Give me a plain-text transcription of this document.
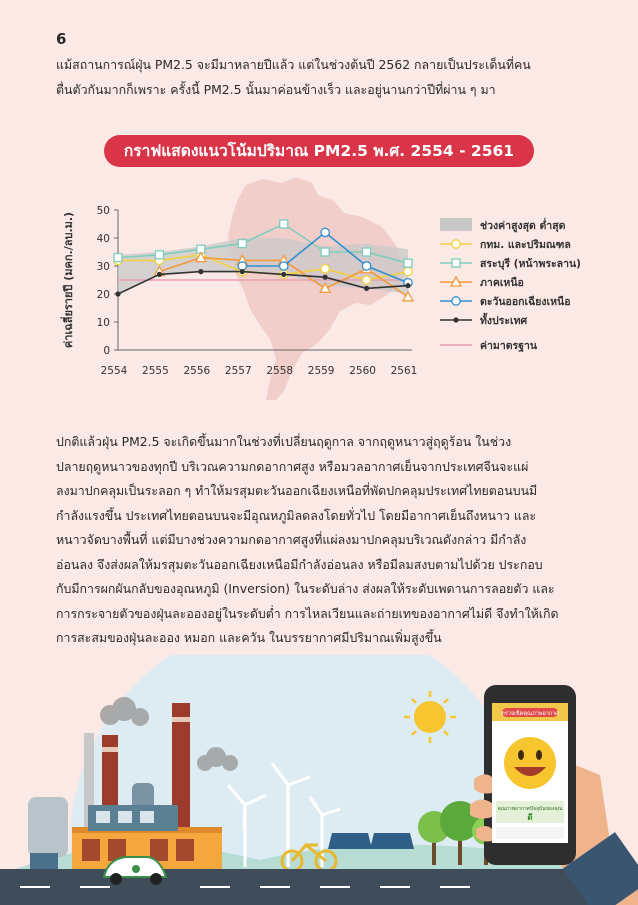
6

แม้สถานการณ์ฝุ่น PM2.5 จะมีมาหลายปีแล้ว แต่ในช่วงต้นปี 2562 กลายเป็นประเด็นที่คน

ตื่นตัวกันมากก็เพราะ ครั้งนี้ PM2.5 นั้นมาค่อนข้างเร็ว และอยู่นานกว่าปีที่ผ่าน ๆ มา

กราฟแสดงแนวโน้มปริมาณ PM2.5 พ.ศ. 2554 - 2561
0
10
20
30
40
50
2554 2555 2556 2557 2558 2559 2560 2561
ค่าเฉลี่ยรายปี (มคก./ลบ.ม.)	ช่วงค่าสูงสุด ต่ำสุด
กทม. และปริมณฑล
สระบุรี (หน้าพระลาน)
ภาคเหนือ
ตะวันออกเฉียงเหนือ
ทั้งประเทศ
ค่ามาตรฐาน

ปกติแล้วฝุ่น PM2.5 จะเกิดขึ้นมากในช่วงที่เปลี่ยนฤดูกาล จากฤดูหนาวสู่ฤดูร้อน ในช่วง

ปลายฤดูหนาวของทุกปี บริเวณความกดอากาศสูง หรือมวลอากาศเย็นจากประเทศจีนจะแผ่

ลงมาปกคลุมเป็นระลอก ๆ ทำให้มรสุมตะวันออกเฉียงเหนือที่พัดปกคลุมประเทศไทยตอนบนมี

กำลังแรงขึ้น ประเทศไทยตอนบนจะมีอุณหภูมิลดลงโดยทั่วไป โดยมีอากาศเย็นถึงหนาว และ

หนาวจัดบางพื้นที่ แต่มีบางช่วงความกดอากาศสูงที่แผ่ลงมาปกคลุมบริเวณดังกล่าว มีกำลัง

อ่อนลง จึงส่งผลให้มรสุมตะวันออกเฉียงเหนือมีกำลังอ่อนลง หรือมีลมสงบตามไปด้วย ประกอบ

กับมีการผกผันกลับของอุณหภูมิ (Inversion) ในระดับล่าง ส่งผลให้ระดับเพดานการลอยตัว และ

การกระจายตัวของฝุ่นละอองอยู่ในระดับต่ำ การไหลเวียนและถ่ายเทของอากาศไม่ดี จึงทำให้เกิด

การสะสมของฝุ่นละออง หมอก และควัน ในบรรยากาศมีปริมาณเพิ่มสูงขึ้น

ตรวจเช็คคุณภาพอากาศ
คุณภาพอากาศปัจจุบันของคุณ
ดี
